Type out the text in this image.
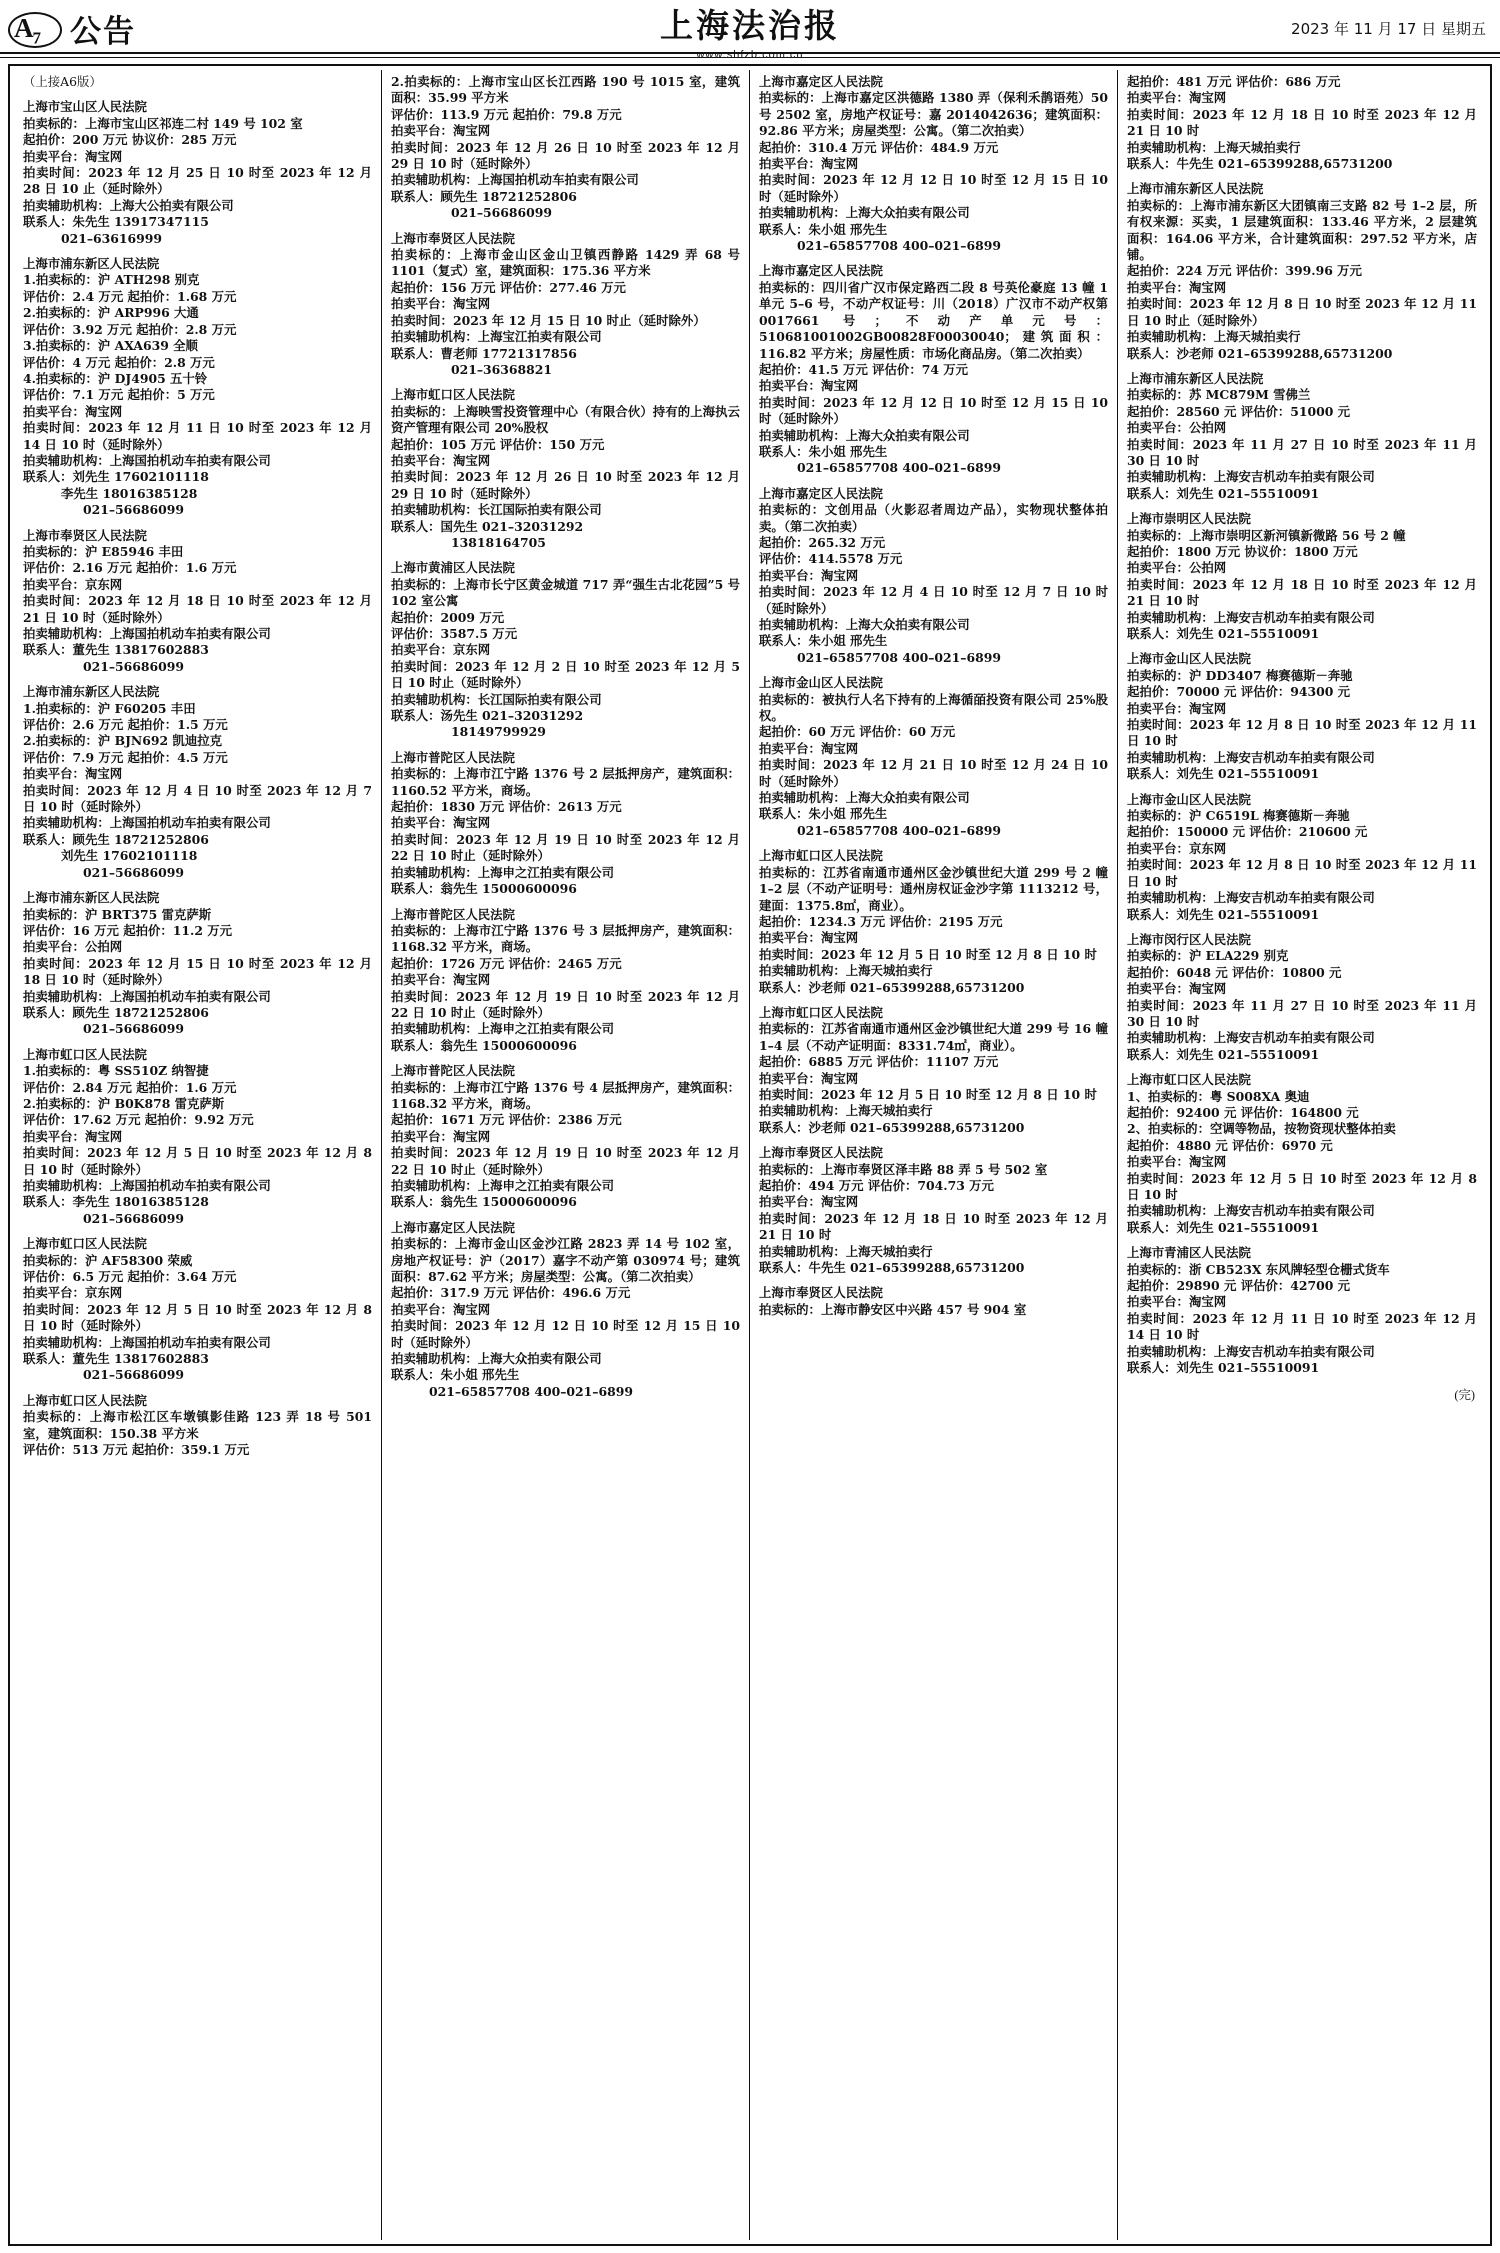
$A_7$ 公告	上海法治报
www.shfzb.com.cn
2023 年 11 月 17 日 星期五
（上接A6版）
上海市宝山区人民法院
拍卖标的：上海市宝山区祁连二村 149 号 102 室
起拍价：200 万元 协议价：285 万元
拍卖平台：淘宝网
拍卖时间：2023 年 12 月 25 日 10 时至 2023 年 12 月 28 日 10 止（延时除外）
拍卖辅助机构：上海大公拍卖有限公司
联系人：朱先生 13917347115
021–63616999
上海市浦东新区人民法院
1.拍卖标的：沪 ATH298 别克
评估价：2.4 万元 起拍价：1.68 万元
2.拍卖标的：沪 ARP996 大通
评估价：3.92 万元 起拍价：2.8 万元
3.拍卖标的：沪 AXA639 全顺
评估价：4 万元 起拍价：2.8 万元
4.拍卖标的：沪 DJ4905 五十铃
评估价：7.1 万元 起拍价：5 万元
拍卖平台：淘宝网
拍卖时间：2023 年 12 月 11 日 10 时至 2023 年 12 月 14 日 10 时（延时除外）
拍卖辅助机构：上海国拍机动车拍卖有限公司
联系人：刘先生 17602101118
李先生 18016385128
021–56686099
上海市奉贤区人民法院
拍卖标的：沪 E85946 丰田
评估价：2.16 万元 起拍价：1.6 万元
拍卖平台：京东网
拍卖时间：2023 年 12 月 18 日 10 时至 2023 年 12 月 21 日 10 时（延时除外）
拍卖辅助机构：上海国拍机动车拍卖有限公司
联系人：董先生 13817602883
021–56686099
上海市浦东新区人民法院
1.拍卖标的：沪 F60205 丰田
评估价：2.6 万元 起拍价：1.5 万元
2.拍卖标的：沪 BJN692 凯迪拉克
评估价：7.9 万元 起拍价：4.5 万元
拍卖平台：淘宝网
拍卖时间：2023 年 12 月 4 日 10 时至 2023 年 12 月 7 日 10 时（延时除外）
拍卖辅助机构：上海国拍机动车拍卖有限公司
联系人：顾先生 18721252806
刘先生 17602101118
021–56686099
上海市浦东新区人民法院
拍卖标的：沪 BRT375 雷克萨斯
评估价：16 万元 起拍价：11.2 万元
拍卖平台：公拍网
拍卖时间：2023 年 12 月 15 日 10 时至 2023 年 12 月 18 日 10 时（延时除外）
拍卖辅助机构：上海国拍机动车拍卖有限公司
联系人：顾先生 18721252806
021–56686099
上海市虹口区人民法院
1.拍卖标的：粤 SS510Z 纳智捷
评估价：2.84 万元 起拍价：1.6 万元
2.拍卖标的：沪 B0K878 雷克萨斯
评估价：17.62 万元 起拍价：9.92 万元
拍卖平台：淘宝网
拍卖时间：2023 年 12 月 5 日 10 时至 2023 年 12 月 8 日 10 时（延时除外）
拍卖辅助机构：上海国拍机动车拍卖有限公司
联系人：李先生 18016385128
021–56686099
上海市虹口区人民法院
拍卖标的：沪 AF58300 荣威
评估价：6.5 万元 起拍价：3.64 万元
拍卖平台：京东网
拍卖时间：2023 年 12 月 5 日 10 时至 2023 年 12 月 8 日 10 时（延时除外）
拍卖辅助机构：上海国拍机动车拍卖有限公司
联系人：董先生 13817602883
021–56686099
上海市虹口区人民法院
拍卖标的：上海市松江区车墩镇影佳路 123 弄 18 号 501 室，建筑面积：150.38 平方米
评估价：513 万元 起拍价：359.1 万元
2.拍卖标的：上海市宝山区长江西路 190 号 1015 室，建筑面积：35.99 平方米
评估价：113.9 万元 起拍价：79.8 万元
拍卖平台：淘宝网
拍卖时间：2023 年 12 月 26 日 10 时至 2023 年 12 月 29 日 10 时（延时除外）
拍卖辅助机构：上海国拍机动车拍卖有限公司
联系人：顾先生 18721252806
021–56686099
上海市奉贤区人民法院
拍卖标的：上海市金山区金山卫镇西静路 1429 弄 68 号 1101（复式）室，建筑面积：175.36 平方米
起拍价：156 万元 评估价：277.46 万元
拍卖平台：淘宝网
拍卖时间：2023 年 12 月 15 日 10 时止（延时除外）
拍卖辅助机构：上海宝江拍卖有限公司
联系人：曹老师 17721317856
021–36368821
上海市虹口区人民法院
拍卖标的：上海映雪投资管理中心（有限合伙）持有的上海执云资产管理有限公司 20%股权
起拍价：105 万元 评估价：150 万元
拍卖平台：淘宝网
拍卖时间：2023 年 12 月 26 日 10 时至 2023 年 12 月 29 日 10 时（延时除外）
拍卖辅助机构：长江国际拍卖有限公司
联系人：国先生 021–32031292
13818164705
上海市黄浦区人民法院
拍卖标的：上海市长宁区黄金城道 717 弄“强生古北花园”5 号 102 室公寓
起拍价：2009 万元
评估价：3587.5 万元
拍卖平台：京东网
拍卖时间：2023 年 12 月 2 日 10 时至 2023 年 12 月 5 日 10 时止（延时除外）
拍卖辅助机构：长江国际拍卖有限公司
联系人：汤先生 021–32031292
18149799929
上海市普陀区人民法院
拍卖标的：上海市江宁路 1376 号 2 层抵押房产，建筑面积：1160.52 平方米，商场。
起拍价：1830 万元 评估价：2613 万元
拍卖平台：淘宝网
拍卖时间：2023 年 12 月 19 日 10 时至 2023 年 12 月 22 日 10 时止（延时除外）
拍卖辅助机构：上海申之江拍卖有限公司
联系人：翁先生 15000600096
上海市普陀区人民法院
拍卖标的：上海市江宁路 1376 号 3 层抵押房产，建筑面积：1168.32 平方米，商场。
起拍价：1726 万元 评估价：2465 万元
拍卖平台：淘宝网
拍卖时间：2023 年 12 月 19 日 10 时至 2023 年 12 月 22 日 10 时止（延时除外）
拍卖辅助机构：上海申之江拍卖有限公司
联系人：翁先生 15000600096
上海市普陀区人民法院
拍卖标的：上海市江宁路 1376 号 4 层抵押房产，建筑面积：1168.32 平方米，商场。
起拍价：1671 万元 评估价：2386 万元
拍卖平台：淘宝网
拍卖时间：2023 年 12 月 19 日 10 时至 2023 年 12 月 22 日 10 时止（延时除外）
拍卖辅助机构：上海申之江拍卖有限公司
联系人：翁先生 15000600096
上海市嘉定区人民法院
拍卖标的：上海市金山区金沙江路 2823 弄 14 号 102 室，房地产权证号：沪（2017）嘉字不动产第 030974 号；建筑面积：87.62 平方米；房屋类型：公寓。（第二次拍卖）
起拍价：317.9 万元 评估价：496.6 万元
拍卖平台：淘宝网
拍卖时间：2023 年 12 月 12 日 10 时至 12 月 15 日 10 时（延时除外）
拍卖辅助机构：上海大众拍卖有限公司
联系人：朱小姐 邢先生
021–65857708 400–021–6899
上海市嘉定区人民法院
拍卖标的：上海市嘉定区洪德路 1380 弄（保利禾鹊语苑）50 号 2502 室，房地产权证号：嘉 2014042636；建筑面积：92.86 平方米；房屋类型：公寓。（第二次拍卖）
起拍价：310.4 万元 评估价：484.9 万元
拍卖平台：淘宝网
拍卖时间：2023 年 12 月 12 日 10 时至 12 月 15 日 10 时（延时除外）
拍卖辅助机构：上海大众拍卖有限公司
联系人：朱小姐 邢先生
021–65857708 400–021–6899
上海市嘉定区人民法院
拍卖标的：四川省广汉市保定路西二段 8 号英伦豪庭 13 幢 1 单元 5–6 号，不动产权证号：川（2018）广汉市不动产权第 0017661 号；不动产单元号：510681001002GB00828F00030040；建筑面积：116.82 平方米；房屋性质：市场化商品房。（第二次拍卖）
起拍价：41.5 万元 评估价：74 万元
拍卖平台：淘宝网
拍卖时间：2023 年 12 月 12 日 10 时至 12 月 15 日 10 时（延时除外）
拍卖辅助机构：上海大众拍卖有限公司
联系人：朱小姐 邢先生
021–65857708 400–021–6899
上海市嘉定区人民法院
拍卖标的：文创用品（火影忍者周边产品），实物现状整体拍卖。（第二次拍卖）
起拍价：265.32 万元
评估价：414.5578 万元
拍卖平台：淘宝网
拍卖时间：2023 年 12 月 4 日 10 时至 12 月 7 日 10 时（延时除外）
拍卖辅助机构：上海大众拍卖有限公司
联系人：朱小姐 邢先生
021–65857708 400–021–6899
上海市金山区人民法院
拍卖标的：被执行人名下持有的上海循皕投资有限公司 25%股权。
起拍价：60 万元 评估价：60 万元
拍卖平台：淘宝网
拍卖时间：2023 年 12 月 21 日 10 时至 12 月 24 日 10 时（延时除外）
拍卖辅助机构：上海大众拍卖有限公司
联系人：朱小姐 邢先生
021–65857708 400–021–6899
上海市虹口区人民法院
拍卖标的：江苏省南通市通州区金沙镇世纪大道 299 号 2 幢 1–2 层（不动产证明号：通州房权证金沙字第 1113212 号，建面：1375.8㎡，商业）。
起拍价：1234.3 万元 评估价：2195 万元
拍卖平台：淘宝网
拍卖时间：2023 年 12 月 5 日 10 时至 12 月 8 日 10 时
拍卖辅助机构：上海天城拍卖行
联系人：沙老师 021–65399288,65731200
上海市虹口区人民法院
拍卖标的：江苏省南通市通州区金沙镇世纪大道 299 号 16 幢 1–4 层（不动产证明面：8331.74㎡，商业）。
起拍价：6885 万元 评估价：11107 万元
拍卖平台：淘宝网
拍卖时间：2023 年 12 月 5 日 10 时至 12 月 8 日 10 时
拍卖辅助机构：上海天城拍卖行
联系人：沙老师 021–65399288,65731200
上海市奉贤区人民法院
拍卖标的：上海市奉贤区泽丰路 88 弄 5 号 502 室
起拍价：494 万元 评估价：704.73 万元
拍卖平台：淘宝网
拍卖时间：2023 年 12 月 18 日 10 时至 2023 年 12 月 21 日 10 时
拍卖辅助机构：上海天城拍卖行
联系人：牛先生 021–65399288,65731200
上海市奉贤区人民法院
拍卖标的：上海市静安区中兴路 457 号 904 室
起拍价：481 万元 评估价：686 万元
拍卖平台：淘宝网
拍卖时间：2023 年 12 月 18 日 10 时至 2023 年 12 月 21 日 10 时
拍卖辅助机构：上海天城拍卖行
联系人：牛先生 021–65399288,65731200
上海市浦东新区人民法院
拍卖标的：上海市浦东新区大团镇南三支路 82 号 1–2 层，所有权来源：买卖，1 层建筑面积：133.46 平方米，2 层建筑面积：164.06 平方米，合计建筑面积：297.52 平方米，店铺。
起拍价：224 万元 评估价：399.96 万元
拍卖平台：淘宝网
拍卖时间：2023 年 12 月 8 日 10 时至 2023 年 12 月 11 日 10 时止（延时除外）
拍卖辅助机构：上海天城拍卖行
联系人：沙老师 021–65399288,65731200
上海市浦东新区人民法院
拍卖标的：苏 MC879M 雪佛兰
起拍价：28560 元 评估价：51000 元
拍卖平台：公拍网
拍卖时间：2023 年 11 月 27 日 10 时至 2023 年 11 月 30 日 10 时
拍卖辅助机构：上海安吉机动车拍卖有限公司
联系人：刘先生 021–55510091
上海市崇明区人民法院
拍卖标的：上海市崇明区新河镇新微路 56 号 2 幢
起拍价：1800 万元 协议价：1800 万元
拍卖平台：公拍网
拍卖时间：2023 年 12 月 18 日 10 时至 2023 年 12 月 21 日 10 时
拍卖辅助机构：上海安吉机动车拍卖有限公司
联系人：刘先生 021–55510091
上海市金山区人民法院
拍卖标的：沪 DD3407 梅赛德斯－奔驰
起拍价：70000 元 评估价：94300 元
拍卖平台：淘宝网
拍卖时间：2023 年 12 月 8 日 10 时至 2023 年 12 月 11 日 10 时
拍卖辅助机构：上海安吉机动车拍卖有限公司
联系人：刘先生 021–55510091
上海市金山区人民法院
拍卖标的：沪 C6519L 梅赛德斯－奔驰
起拍价：150000 元 评估价：210600 元
拍卖平台：京东网
拍卖时间：2023 年 12 月 8 日 10 时至 2023 年 12 月 11 日 10 时
拍卖辅助机构：上海安吉机动车拍卖有限公司
联系人：刘先生 021–55510091
上海市闵行区人民法院
拍卖标的：沪 ELA229 别克
起拍价：6048 元 评估价：10800 元
拍卖平台：淘宝网
拍卖时间：2023 年 11 月 27 日 10 时至 2023 年 11 月 30 日 10 时
拍卖辅助机构：上海安吉机动车拍卖有限公司
联系人：刘先生 021–55510091
上海市虹口区人民法院
1、拍卖标的：粤 S008XA 奥迪
起拍价：92400 元 评估价：164800 元
2、拍卖标的：空调等物品，按物资现状整体拍卖
起拍价：4880 元 评估价：6970 元
拍卖平台：淘宝网
拍卖时间：2023 年 12 月 5 日 10 时至 2023 年 12 月 8 日 10 时
拍卖辅助机构：上海安吉机动车拍卖有限公司
联系人：刘先生 021–55510091
上海市青浦区人民法院
拍卖标的：浙 CB523X 东风牌轻型仓栅式货车
起拍价：29890 元 评估价：42700 元
拍卖平台：淘宝网
拍卖时间：2023 年 12 月 11 日 10 时至 2023 年 12 月 14 日 10 时
拍卖辅助机构：上海安吉机动车拍卖有限公司
联系人：刘先生 021–55510091
(完)
